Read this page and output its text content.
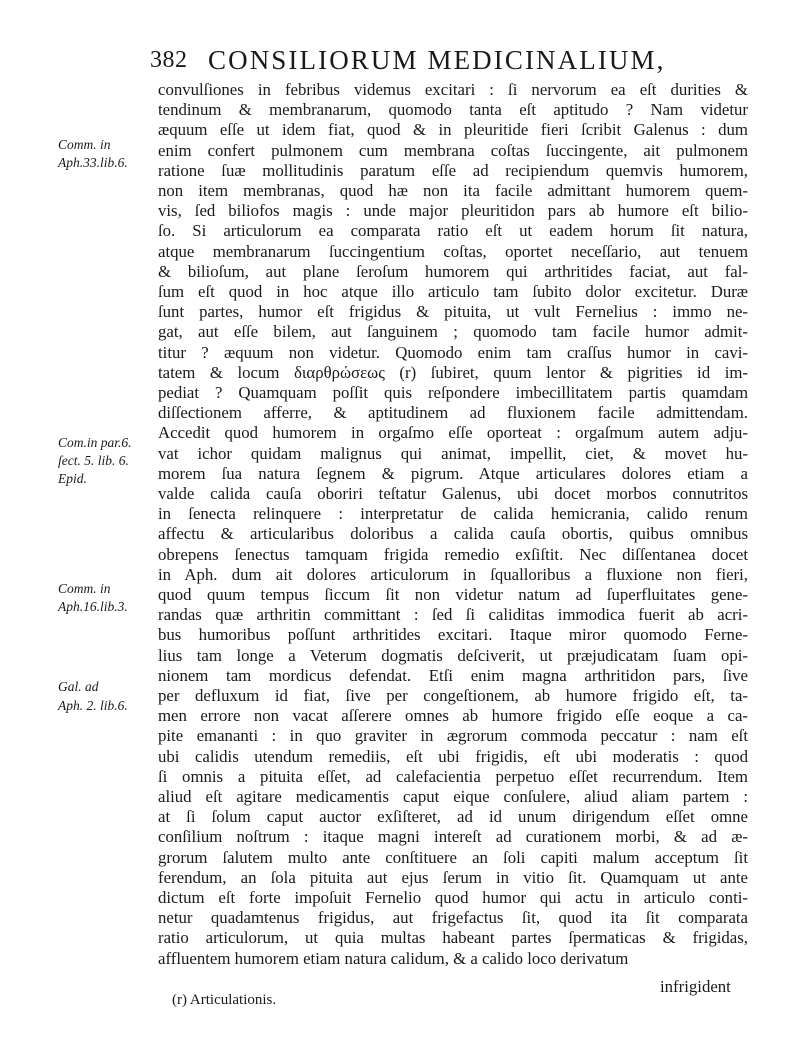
382 CONSILIORUM MEDICINALIUM,
Comm. in
Aph.33.lib.6.
Com.in par.6.
ſect. 5. lib. 6.
Epid.
Comm. in
Aph.16.lib.3.
Gal. ad
Aph. 2. lib.6.
convulſiones in febribus videmus excitari : ſi nervorum ea eſt durities &
tendinum & membranarum, quomodo tanta eſt aptitudo ? Nam videtur
æquum eſſe ut idem fiat, quod & in pleuritide fieri ſcribit Galenus : dum
enim confert pulmonem cum membrana coſtas ſuccingente, ait pulmonem
ratione ſuæ mollitudinis paratum eſſe ad recipiendum quemvis humorem,
non item membranas, quod hæ non ita facile admittant humorem quem-
vis, ſed biliofos magis : unde major pleuritidon pars ab humore eſt bilio-
ſo. Si articulorum ea comparata ratio eſt ut eadem horum ſit natura,
atque membranarum ſuccingentium coſtas, oportet neceſſario, aut tenuem
& bilioſum, aut plane ſeroſum humorem qui arthritides faciat, aut fal-
ſum eſt quod in hoc atque illo articulo tam ſubito dolor excitetur. Duræ
ſunt partes, humor eſt frigidus & pituita, ut vult Fernelius : immo ne-
gat, aut eſſe bilem, aut ſanguinem ; quomodo tam facile humor admit-
titur ? æquum non videtur. Quomodo enim tam craſſus humor in cavi-
tatem & locum διαρθρώσεως (r) ſubiret, quum lentor & pigrities id im-
pediat ? Quamquam poſſit quis reſpondere imbecillitatem partis quamdam
diſſectionem afferre, & aptitudinem ad fluxionem facile admittendam.
Accedit quod humorem in orgaſmo eſſe oporteat : orgaſmum autem adju-
vat ichor quidam malignus qui animat, impellit, ciet, & movet hu-
morem ſua natura ſegnem & pigrum. Atque articulares dolores etiam a
valde calida cauſa oboriri teſtatur Galenus, ubi docet morbos connutritos
in ſenecta relinquere : interpretatur de calida hemicrania, calido renum
affectu & articularibus doloribus a calida cauſa obortis, quibus omnibus
obrepens ſenectus tamquam frigida remedio exſiſtit. Nec diſſentanea docet
in Aph. dum ait dolores articulorum in ſqualloribus a fluxione non fieri,
quod quum tempus ſiccum ſit non videtur natum ad ſuperfluitates gene-
randas quæ arthritin committant : ſed ſi caliditas immodica fuerit ab acri-
bus humoribus poſſunt arthritides excitari. Itaque miror quomodo Ferne-
lius tam longe a Veterum dogmatis deſciverit, ut præjudicatam ſuam opi-
nionem tam mordicus defendat. Etſi enim magna arthritidon pars, ſive
per defluxum id fiat, ſive per congeſtionem, ab humore frigido eſt, ta-
men errore non vacat aſſerere omnes ab humore frigido eſſe eoque a ca-
pite emananti : in quo graviter in ægrorum commoda peccatur : nam eſt
ubi calidis utendum remediis, eſt ubi frigidis, eſt ubi moderatis : quod
ſi omnis a pituita eſſet, ad calefacientia perpetuo eſſet recurrendum. Item
aliud eſt agitare medicamentis caput eique conſulere, aliud aliam partem :
at ſi ſolum caput auctor exſiſteret, ad id unum dirigendum eſſet omne
conſilium noſtrum : itaque magni intereſt ad curationem morbi, & ad æ-
grorum ſalutem multo ante conſtituere an ſoli capiti malum acceptum ſit
ferendum, an ſola pituita aut ejus ſerum in vitio ſit. Quamquam ut ante
dictum eſt forte impoſuit Fernelio quod humor qui actu in articulo conti-
netur quadamtenus frigidus, aut frigefactus ſit, quod ita ſit comparata
ratio articulorum, ut quia multas habeant partes ſpermaticas & frigidas,
affluentem humorem etiam natura calidum, & a calido loco derivatum
infrigident
(r) Articulationis.
